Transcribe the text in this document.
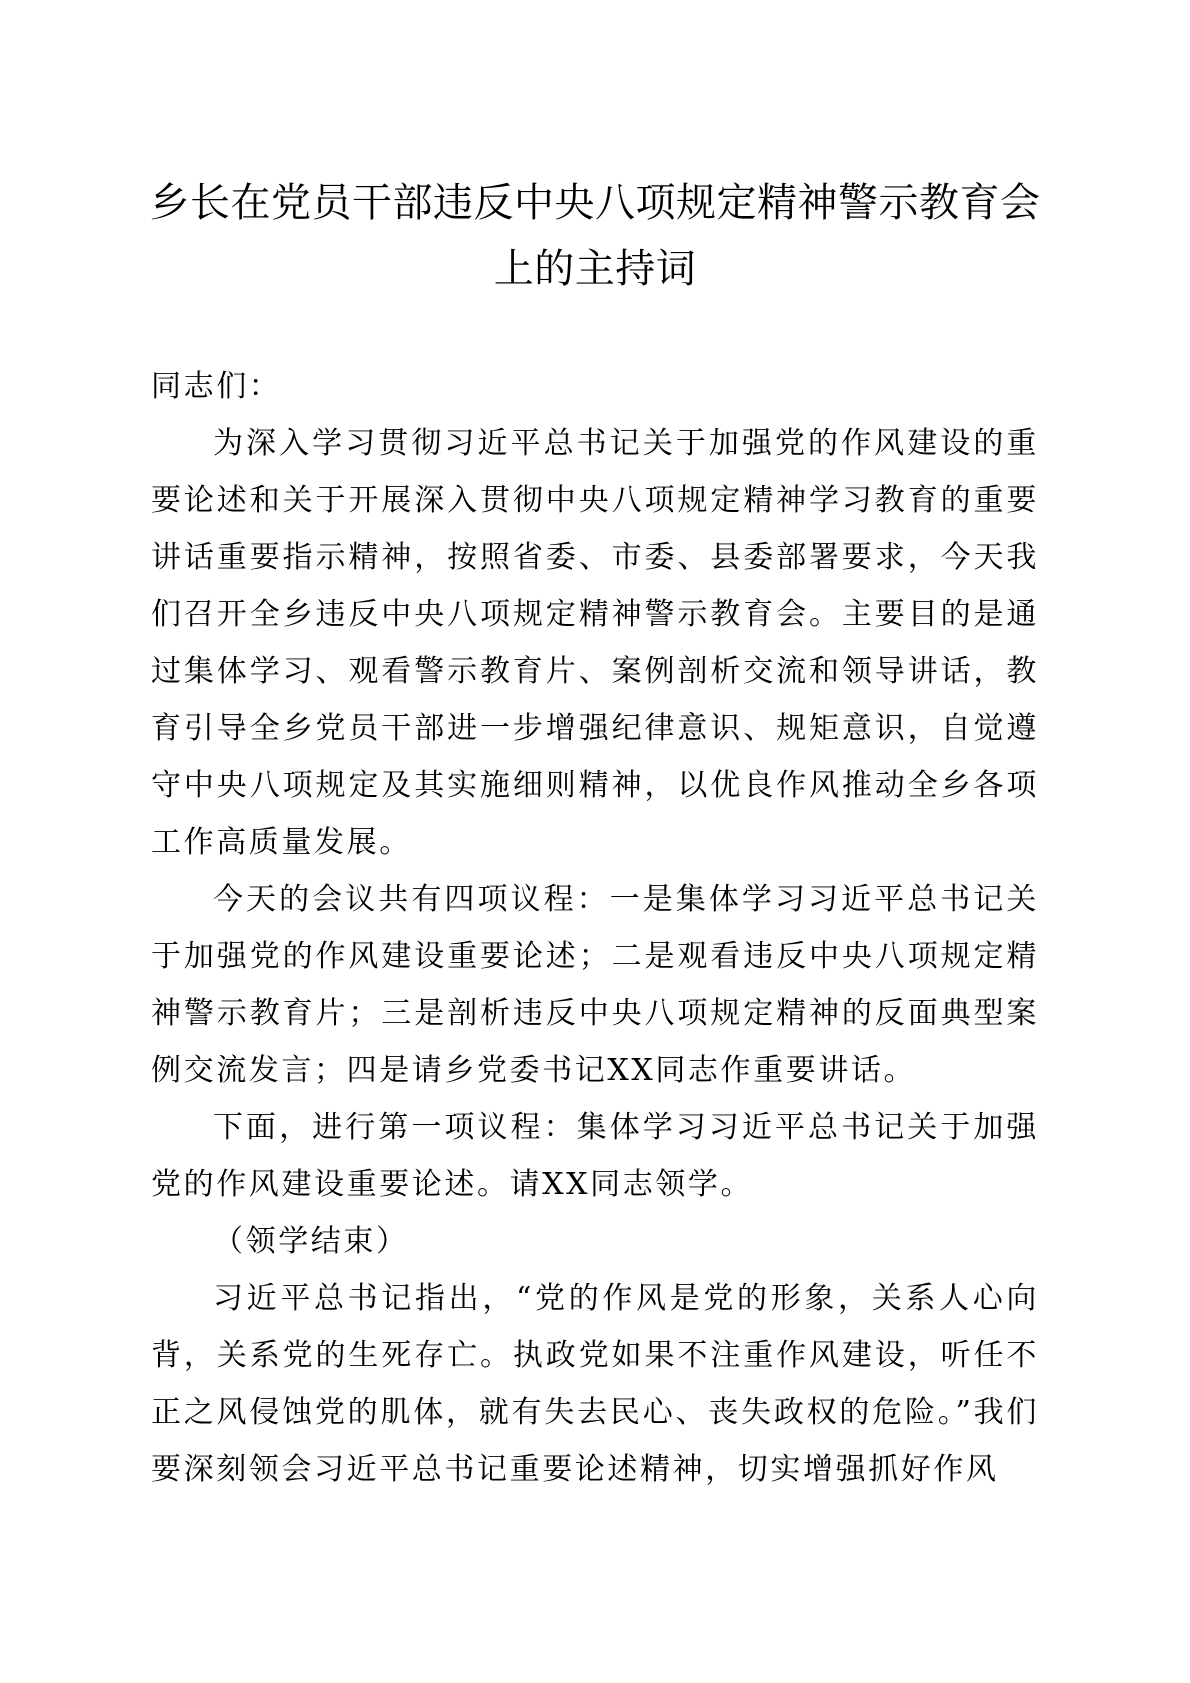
乡长在党员干部违反中央八项规定精神警示教育会上的主持词

同志们：

为深入学习贯彻习近平总书记关于加强党的作风建设的重要论述和关于开展深入贯彻中央八项规定精神学习教育的重要讲话重要指示精神，按照省委、市委、县委部署要求，今天我们召开全乡违反中央八项规定精神警示教育会。主要目的是通过集体学习、观看警示教育片、案例剖析交流和领导讲话，教育引导全乡党员干部进一步增强纪律意识、规矩意识，自觉遵守中央八项规定及其实施细则精神，以优良作风推动全乡各项工作高质量发展。

今天的会议共有四项议程：一是集体学习习近平总书记关于加强党的作风建设重要论述；二是观看违反中央八项规定精神警示教育片；三是剖析违反中央八项规定精神的反面典型案例交流发言；四是请乡党委书记XX同志作重要讲话。

下面，进行第一项议程：集体学习习近平总书记关于加强党的作风建设重要论述。请XX同志领学。

（领学结束）

习近平总书记指出，“党的作风是党的形象，关系人心向背，关系党的生死存亡。执政党如果不注重作风建设，听任不正之风侵蚀党的肌体，就有失去民心、丧失政权的危险。”我们要深刻领会习近平总书记重要论述精神，切实增强抓好作风
